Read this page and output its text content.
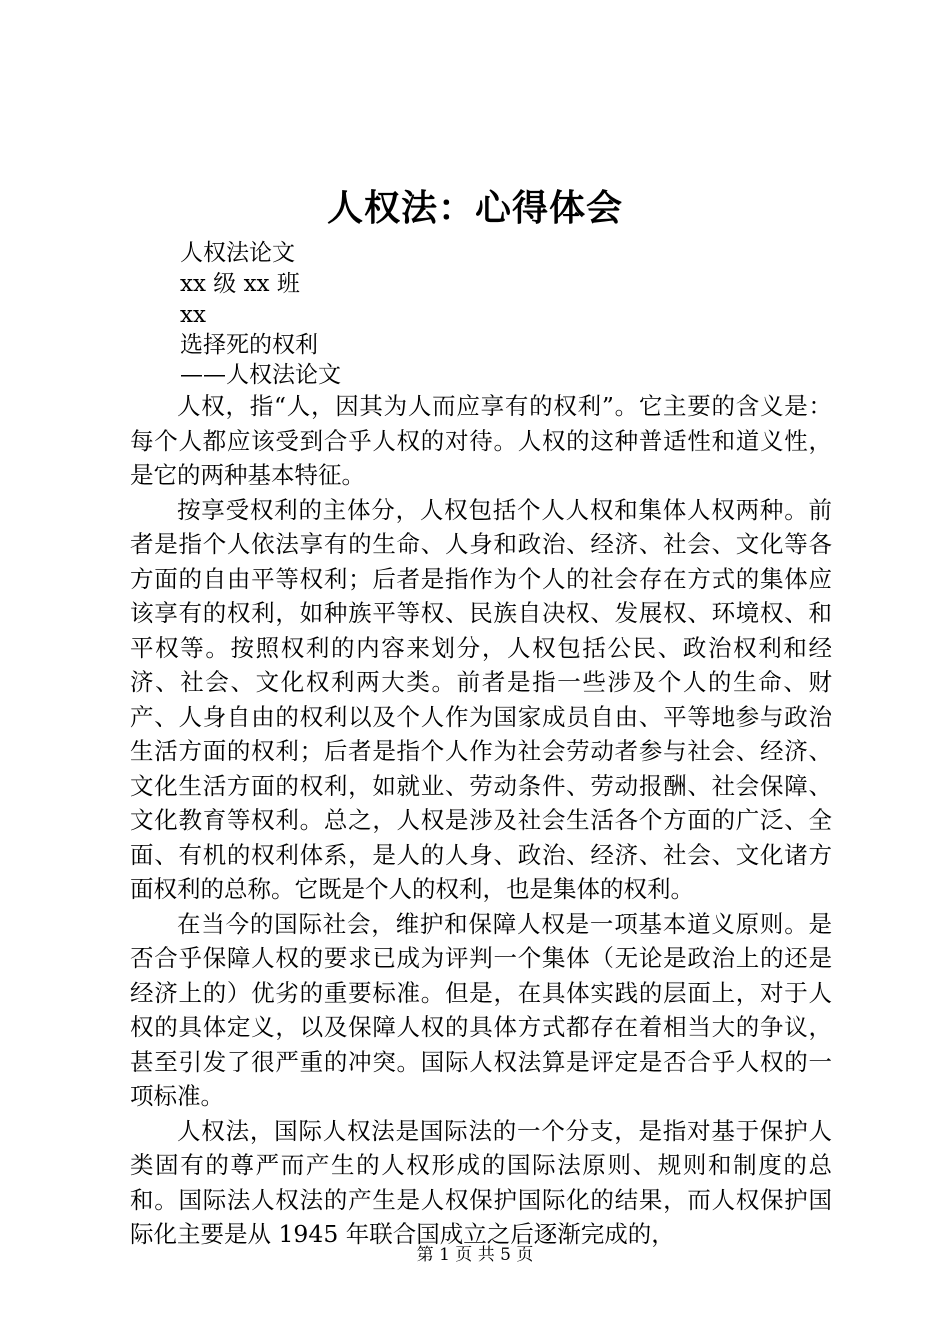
人权法：心得体会
人权法论文
xx 级 xx 班
xx
选择死的权利
——人权法论文

人权，指“人，因其为人而应享有的权利”。它主要的含义是：每个人都应该受到合乎人权的对待。人权的这种普适性和道义性，是它的两种基本特征。

按享受权利的主体分，人权包括个人人权和集体人权两种。前者是指个人依法享有的生命、人身和政治、经济、社会、文化等各方面的自由平等权利；后者是指作为个人的社会存在方式的集体应该享有的权利，如种族平等权、民族自决权、发展权、环境权、和平权等。按照权利的内容来划分，人权包括公民、政治权利和经济、社会、文化权利两大类。前者是指一些涉及个人的生命、财产、人身自由的权利以及个人作为国家成员自由、平等地参与政治生活方面的权利；后者是指个人作为社会劳动者参与社会、经济、文化生活方面的权利，如就业、劳动条件、劳动报酬、社会保障、文化教育等权利。总之，人权是涉及社会生活各个方面的广泛、全面、有机的权利体系，是人的人身、政治、经济、社会、文化诸方面权利的总称。它既是个人的权利，也是集体的权利。

在当今的国际社会，维护和保障人权是一项基本道义原则。是否合乎保障人权的要求已成为评判一个集体（无论是政治上的还是经济上的）优劣的重要标准。但是，在具体实践的层面上，对于人权的具体定义，以及保障人权的具体方式都存在着相当大的争议，甚至引发了很严重的冲突。国际人权法算是评定是否合乎人权的一项标准。

人权法，国际人权法是国际法的一个分支，是指对基于保护人类固有的尊严而产生的人权形成的国际法原则、规则和制度的总和。国际法人权法的产生是人权保护国际化的结果，而人权保护国际化主要是从 1945 年联合国成立之后逐渐完成的，

第 1 页 共 5 页
